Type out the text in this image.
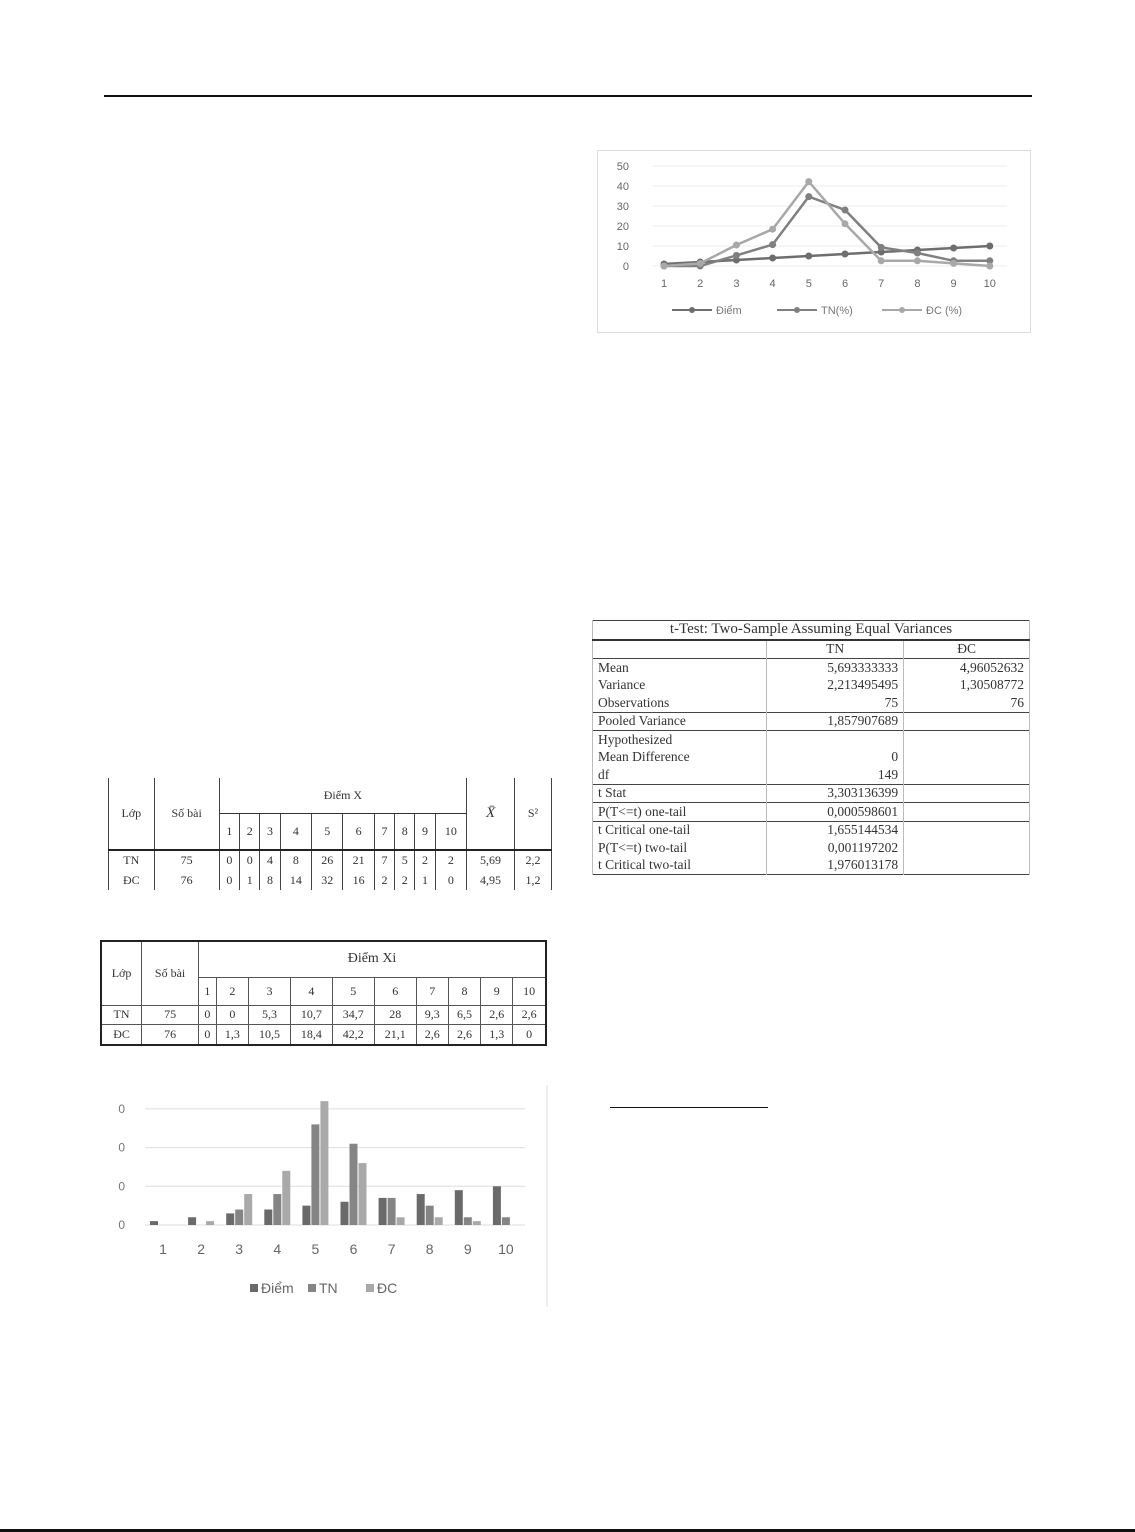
0
10
20
30
40
50
1	2	3	4	5	6	7	8	9 10
Điểm	TN(%)	ĐC (%)
Lớp	Số bài	Điểm X										X̄	S²
		1	2	3	4	5	6	7	8	9	10		
TN	75	0	0	4	8	26	21	7	5	2	2	5,69	2,2
ĐC	76	0	1	8	14	32	16	2	2	1	0	4,95	1,2
Lớp	Số bài	Điểm Xi									
		1	2	3	4	5	6	7	8	9	10
TN	75	0	0	5,3	10,7	34,7	28	9,3	6,5	2,6	2,6
ĐC	76	0	1,3	10,5	18,4	42,2	21,1	2,6	2,6	1,3	0
0
0
0
0
1 2 3 4 5 6 7 8 9 10
Điểm TN	ĐC
t-Test: Two-Sample Assuming Equal Variances		
	TN	ĐC
Mean	5,693333333	4,96052632
Variance	2,213495495	1,30508772
Observations	75	76
Pooled Variance	1,857907689	
Hypothesized		
Mean Difference	0	
df	149	
t Stat	3,303136399	
P(T<=t) one-tail	0,000598601	
t Critical one-tail	1,655144534	
P(T<=t) two-tail	0,001197202	
t Critical two-tail	1,976013178	
